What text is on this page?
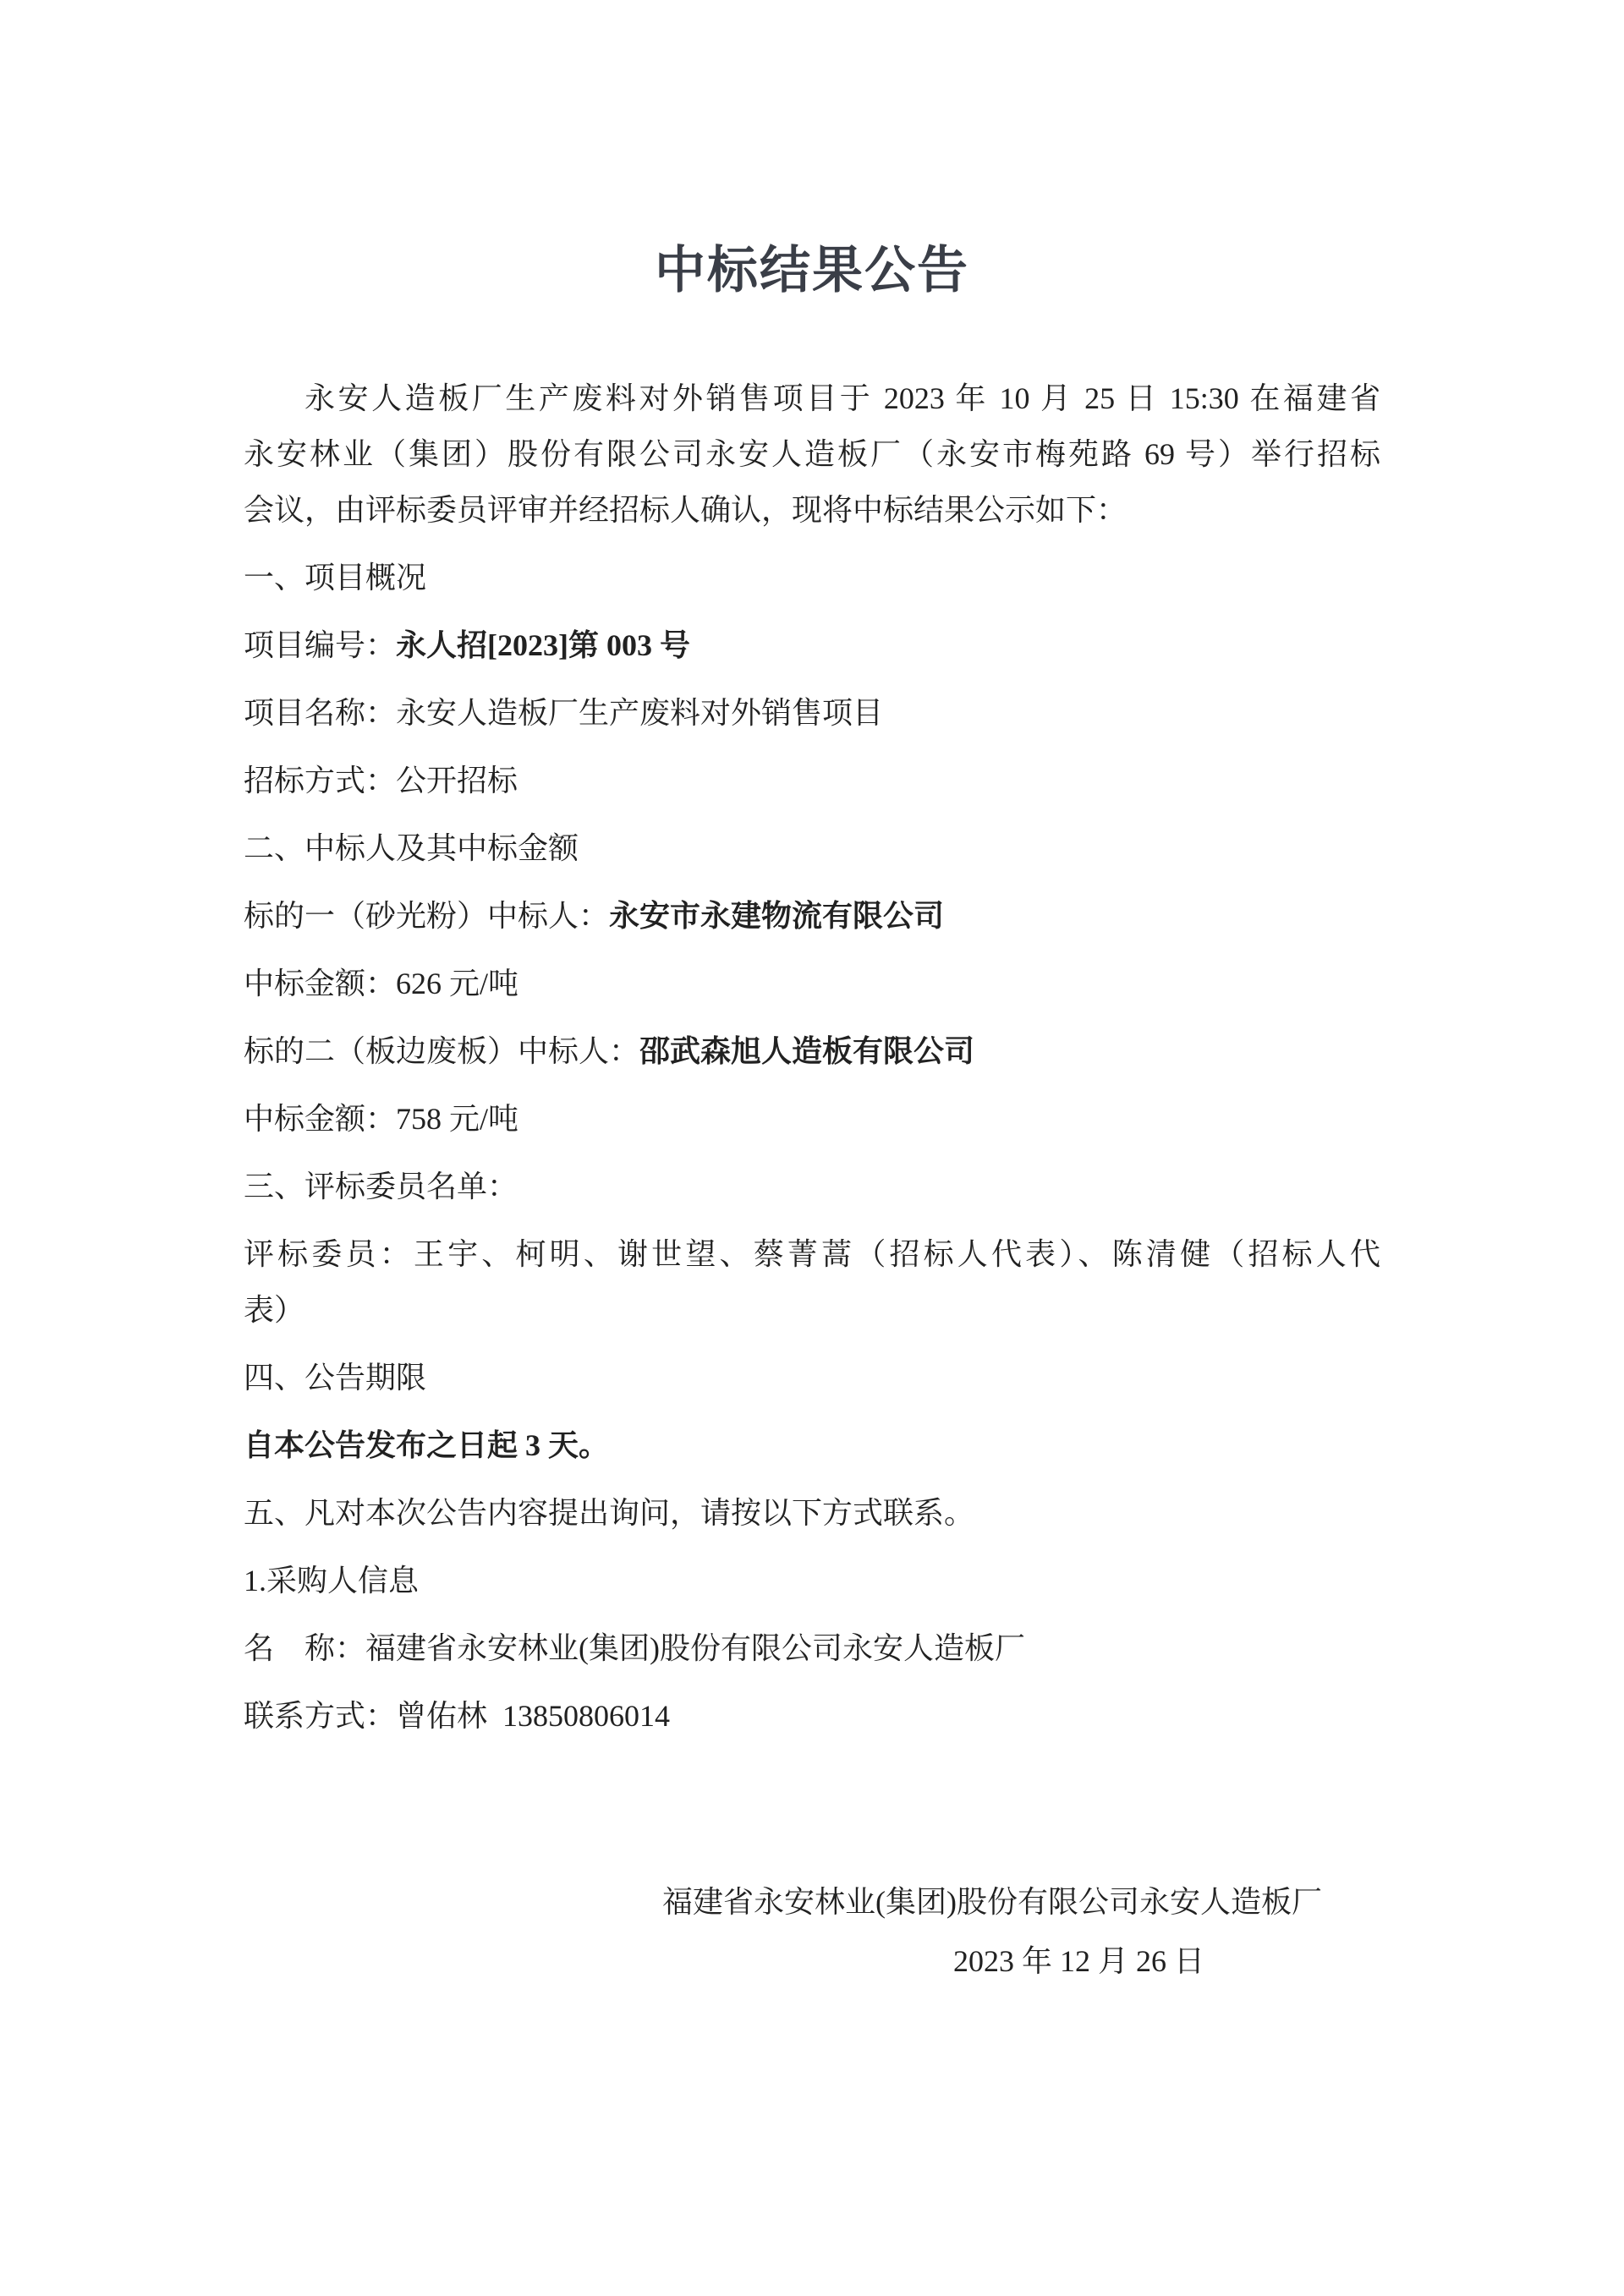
中标结果公告

永安人造板厂生产废料对外销售项目于 2023 年 10 月 25 日 15:30 在福建省

永安林业（集团）股份有限公司永安人造板厂（永安市梅苑路 69 号）举行招标

会议，由评标委员评审并经招标人确认，现将中标结果公示如下：

一、项目概况

项目编号：永人招[2023]第 003 号

项目名称：永安人造板厂生产废料对外销售项目

招标方式：公开招标

二、中标人及其中标金额

标的一（砂光粉）中标人：永安市永建物流有限公司

中标金额：626 元/吨

标的二（板边废板）中标人：邵武森旭人造板有限公司

中标金额：758 元/吨

三、评标委员名单：

评标委员：王宇、柯明、谢世望、蔡菁蒿（招标人代表）、陈清健（招标人代

表）

四、公告期限

自本公告发布之日起 3 天。

五、凡对本次公告内容提出询问，请按以下方式联系。

1.采购人信息

名　称：福建省永安林业(集团)股份有限公司永安人造板厂

联系方式：曾佑林  13850806014

福建省永安林业(集团)股份有限公司永安人造板厂

2023 年 12 月 26 日
